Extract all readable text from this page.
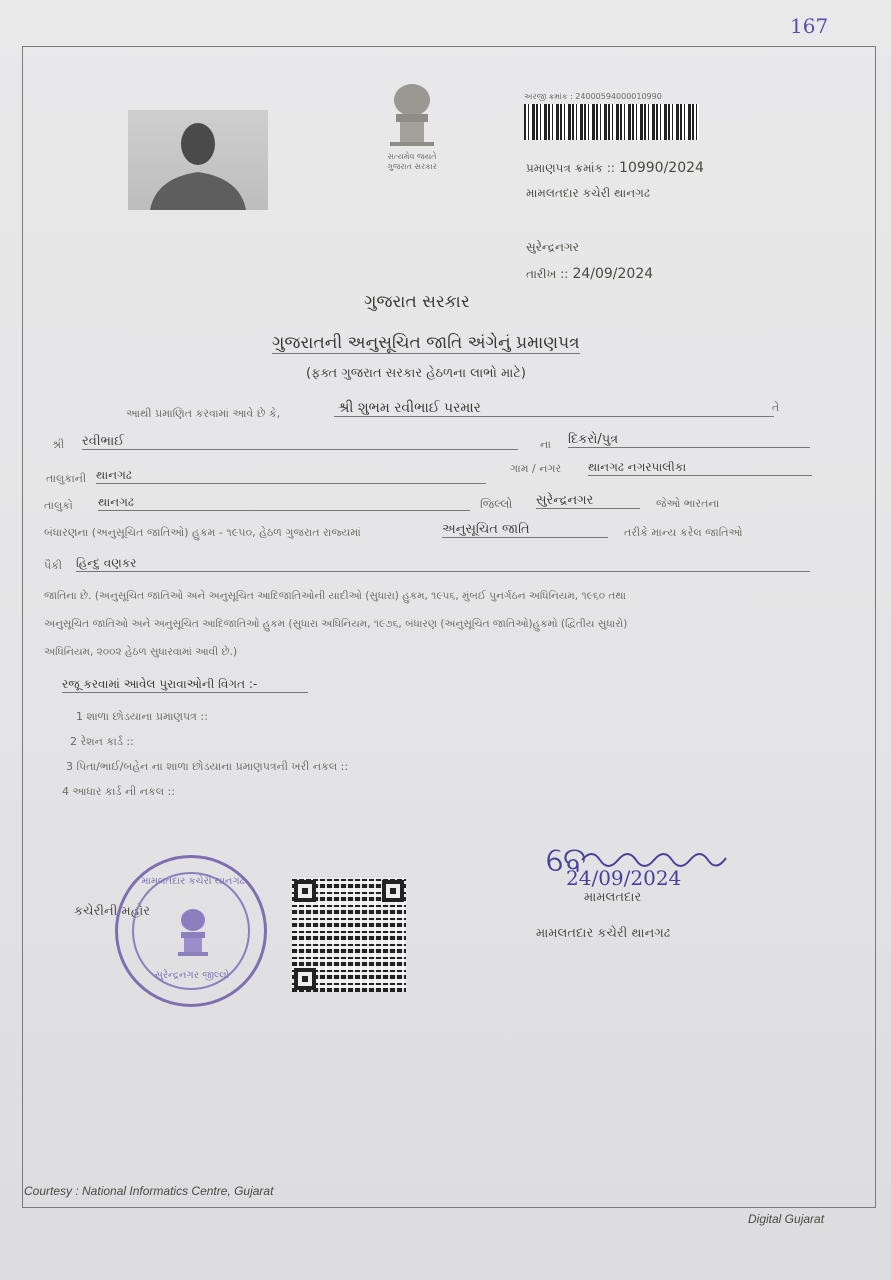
167
સત્યમેવ જયતે
ગુજરાત સરકાર
અરજી ક્રમાંક : 24000594000010990
પ્રમાણપત્ર ક્રમાંક :: 10990/2024
મામલતદાર કચેરી થાનગઢ
સુરેન્દ્રનગર
તારીખ :: 24/09/2024
ગુજરાત સરકાર
ગુજરાતની અનુસૂચિત જાતિ અંગેનું પ્રમાણપત્ર
(ફક્ત ગુજરાત સરકાર હેઠળના લાભો માટે)
આથી પ્રમાણિત કરવામાં આવે છે કે,	શ્રી શુભમ રવીભાઈ પરમાર	તે
શ્રી રવીભાઈ	ના દિકરો/પુત્ર
તાલુકાની થાનગઢ	ગામ / નગર થાનગઢ નગરપાલીકા
તાલુકો થાનગઢ	જિલ્લો સુરેન્દ્રનગર	જેઓ ભારતના
બંધારણના (અનુસૂચિત જાતિઓ) હુકમ - ૧૯૫૦, હેઠળ ગુજરાત રાજ્યમાં	અનુસૂચિત જાતિ	તરીકે માન્ય કરેલ જાતિઓ
પૈકી હિન્દુ વણકર
જાતિના છે. (અનુસૂચિત જાતિઓ અને અનુસૂચિત આદિજાતિઓની યાદીઓ (સુધારા) હુકમ, ૧૯૫૬, મુંબઈ પુનર્ગઠન અધિનિયમ, ૧૯૬૦ તથા
અનુસૂચિત જાતિઓ અને અનુસૂચિત આદિજાતિઓ હુકમ (સુધારા અધિનિયમ, ૧૯૭૬, બંધારણ (અનુસૂચિત જાતિઓ)હુકમો (દ્વિતીય સુધારો)
અધિનિયમ, ૨૦૦૨ હેઠળ સુધારવામાં આવી છે.)
રજૂ કરવામાં આવેલ પુરાવાઓની વિગત :-
1 શાળા છોડયાના પ્રમાણપત્ર ::
2 રેશન કાર્ડ ::
3 પિતા/ભાઈ/બહેન ના શાળા છોડયાના પ્રમાણપત્રની ખરી નકલ ::
4 આધાર કાર્ડ ની નકલ ::
કચેરીની મહોર
મામલતદાર કચેરી થાનગઢ
સુરેન્દ્રનગર જીલ્લો
ବେ
24/09/2024
મામલતદાર
મામલતદાર કચેરી થાનગઢ
Courtesy : National Informatics Centre, Gujarat
Digital Gujarat
